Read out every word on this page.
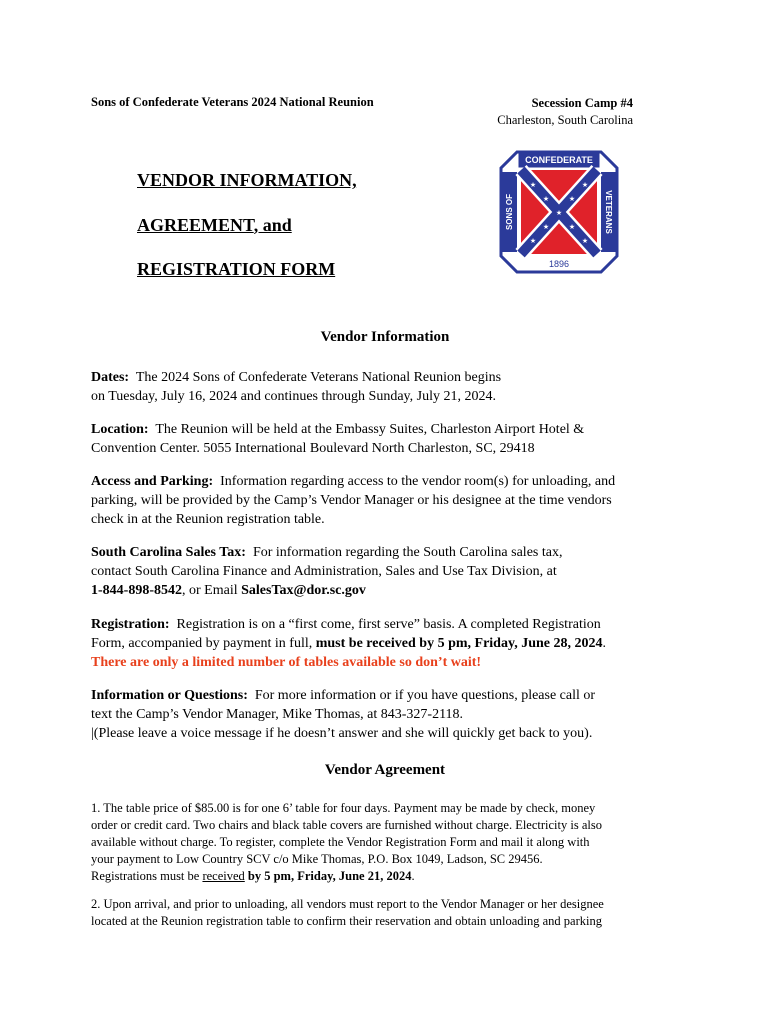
Sons of Confederate Veterans 2024 National Reunion	Secession Camp #4
Charleston, South Carolina
VENDOR INFORMATION,
AGREEMENT, and
REGISTRATION FORM
CONFEDERATE
SONS OF	VETERANS
1896
★
★
★
★
★
★
★
★
★
Vendor Information
Dates: The 2024 Sons of Confederate Veterans National Reunion begins
on Tuesday, July 16, 2024 and continues through Sunday, July 21, 2024.
Location: The Reunion will be held at the Embassy Suites, Charleston Airport Hotel &
Convention Center. 5055 International Boulevard North Charleston, SC, 29418
Access and Parking: Information regarding access to the vendor room(s) for unloading, and
parking, will be provided by the Camp’s Vendor Manager or his designee at the time vendors
check in at the Reunion registration table.
South Carolina Sales Tax: For information regarding the South Carolina sales tax,
contact South Carolina Finance and Administration, Sales and Use Tax Division, at
1-844-898-8542, or Email SalesTax@dor.sc.gov
Registration: Registration is on a “first come, first serve” basis. A completed Registration
Form, accompanied by payment in full, must be received by 5 pm, Friday, June 28, 2024.
There are only a limited number of tables available so don’t wait!
Information or Questions: For more information or if you have questions, please call or
text the Camp’s Vendor Manager, Mike Thomas, at 843-327-2118.
|(Please leave a voice message if he doesn’t answer and she will quickly get back to you).
Vendor Agreement
1. The table price of $85.00 is for one 6’ table for four days. Payment may be made by check, money
order or credit card. Two chairs and black table covers are furnished without charge. Electricity is also
available without charge. To register, complete the Vendor Registration Form and mail it along with
your payment to Low Country SCV c/o Mike Thomas, P.O. Box 1049, Ladson, SC 29456.
Registrations must be received by 5 pm, Friday, June 21, 2024.
2. Upon arrival, and prior to unloading, all vendors must report to the Vendor Manager or her designee
located at the Reunion registration table to confirm their reservation and obtain unloading and parking
